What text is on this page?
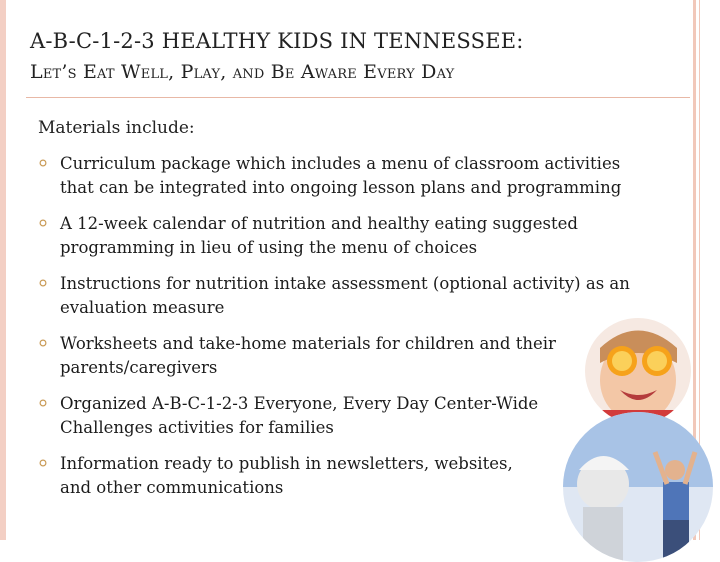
A-B-C-1-2-3 HEALTHY KIDS IN TENNESSEE:
Let’s Eat Well, Play, and Be Aware Every Day
Materials include:
Curriculum package which includes a menu of classroom activities that can be integrated into ongoing lesson plans and programming
A 12-week calendar of nutrition and healthy eating suggested programming in lieu of using the menu of choices
Instructions for nutrition intake assessment (optional activity) as an evaluation measure
Worksheets and take-home materials for children and their parents/caregivers
Organized A-B-C-1-2-3 Everyone, Every Day Center-Wide Challenges activities for families
Information ready to publish in newsletters, websites, and other communications
